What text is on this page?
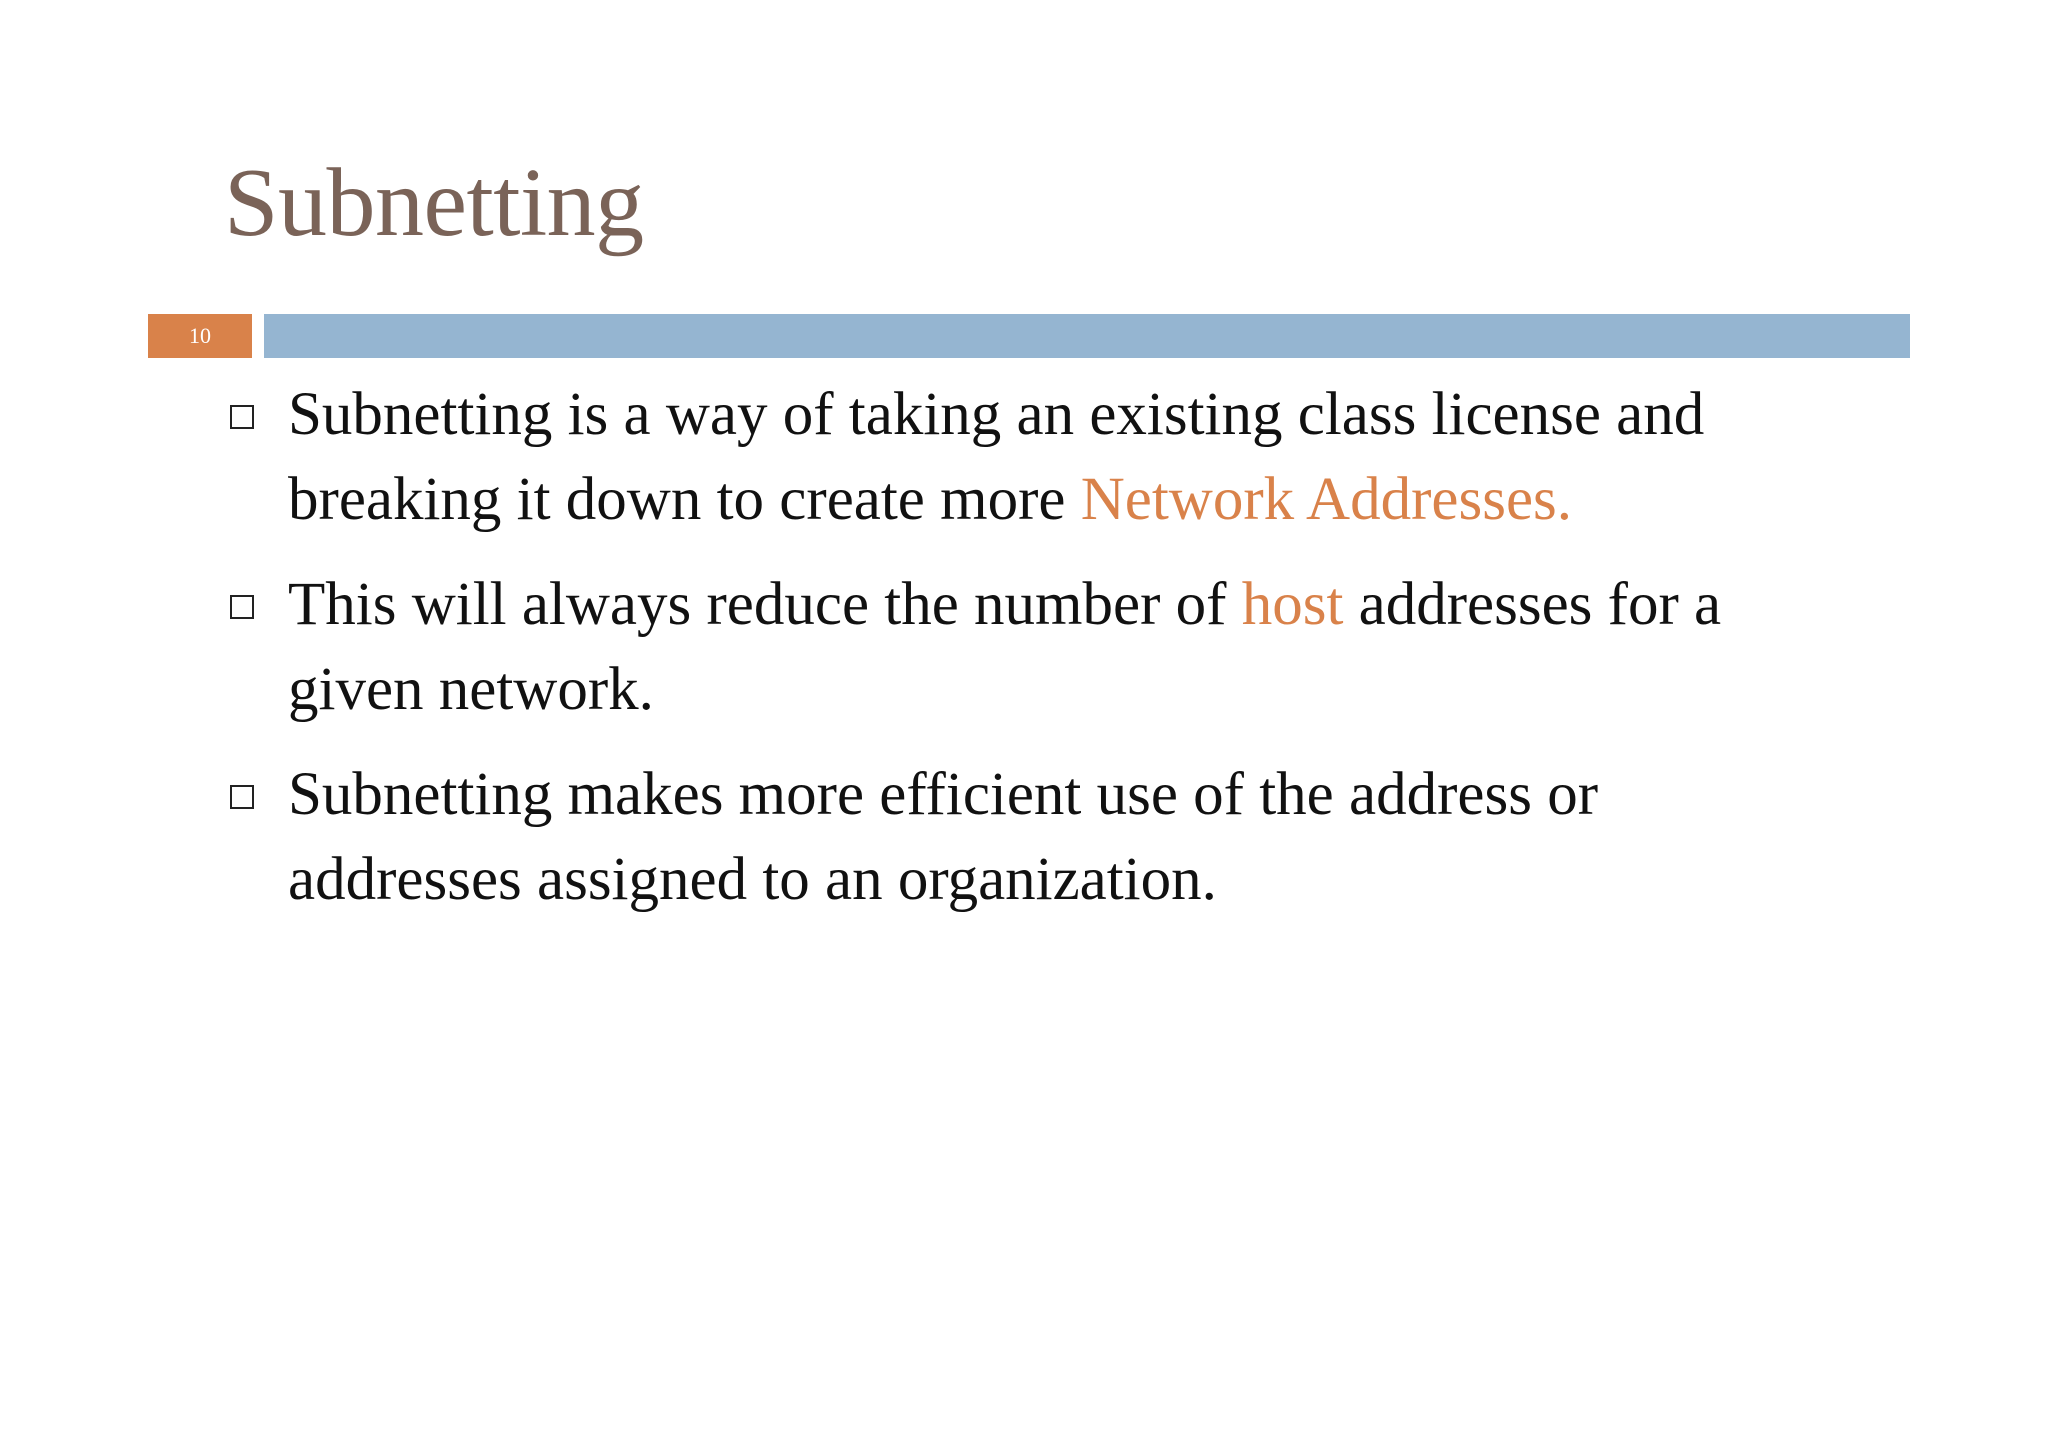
Subnetting
10
Subnetting is a way of taking an existing class license and breaking it down to create more Network Addresses.
This will always reduce the number of host addresses for a given network.
Subnetting makes more efficient use of the address or addresses assigned to an organization.
